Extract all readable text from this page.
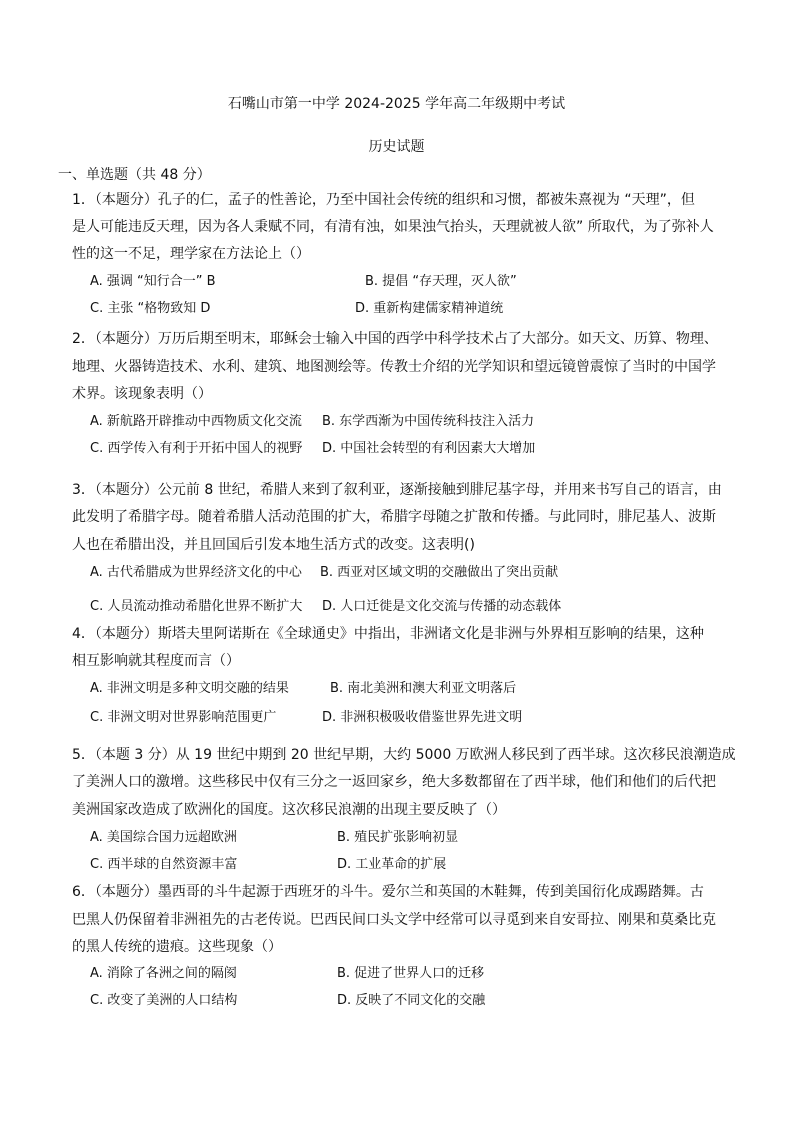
石嘴山市第一中学 2024-2025 学年高二年级期中考试
历史试题
一、单选题（共 48 分）
1．（本题分）孔子的仁，孟子的性善论，乃至中国社会传统的组织和习惯，都被朱熹视为 “天理”，但
是人可能违反天理，因为各人秉赋不同，有清有浊，如果浊气抬头，天理就被人欲” 所取代，为了弥补人
性的这一不足，理学家在方法论上（）
A. 强调 “知行合一” B	B. 提倡 “存天理，灭人欲”
C. 主张 “格物致知 D	D. 重新构建儒家精神道统
2．（本题分）万历后期至明末，耶稣会士输入中国的西学中科学技术占了大部分。如天文、历算、物理、
地理、火器铸造技术、水利、建筑、地图测绘等。传教士介绍的光学知识和望远镜曾震惊了当时的中国学
术界。该现象表明（）
A. 新航路开辟推动中西物质文化交流 B. 东学西渐为中国传统科技注入活力
C. 西学传入有利于开拓中国人的视野 D. 中国社会转型的有利因素大大增加
3．（本题分）公元前 8 世纪，希腊人来到了叙利亚，逐渐接触到腓尼基字母，并用来书写自己的语言，由
此发明了希腊字母。随着希腊人活动范围的扩大，希腊字母随之扩散和传播。与此同时，腓尼基人、波斯
人也在希腊出没，并且回国后引发本地生活方式的改变。这表明()
A. 古代希腊成为世界经济文化的中心 B. 西亚对区域文明的交融做出了突出贡献
C. 人员流动推动希腊化世界不断扩大 D. 人口迁徙是文化交流与传播的动态载体
4．（本题分）斯塔夫里阿诺斯在《全球通史》中指出，非洲诸文化是非洲与外界相互影响的结果，这种
相互影响就其程度而言（）
A. 非洲文明是多种文明交融的结果	B. 南北美洲和澳大利亚文明落后
C. 非洲文明对世界影响范围更广	D. 非洲积极吸收借鉴世界先进文明
5．（本题 3 分）从 19 世纪中期到 20 世纪早期，大约 5000 万欧洲人移民到了西半球。这次移民浪潮造成
了美洲人口的激增。这些移民中仅有三分之一返回家乡，绝大多数都留在了西半球，他们和他们的后代把
美洲国家改造成了欧洲化的国度。这次移民浪潮的出现主要反映了（）
A. 美国综合国力远超欧洲	B. 殖民扩张影响初显
C. 西半球的自然资源丰富	D. 工业革命的扩展
6．（本题分）墨西哥的斗牛起源于西班牙的斗牛。爱尔兰和英国的木鞋舞，传到美国衍化成踢踏舞。古
巴黑人仍保留着非洲祖先的古老传说。巴西民间口头文学中经常可以寻觅到来自安哥拉、刚果和莫桑比克
的黑人传统的遗痕。这些现象（）
A. 消除了各洲之间的隔阂	B. 促进了世界人口的迁移
C. 改变了美洲的人口结构	D. 反映了不同文化的交融
